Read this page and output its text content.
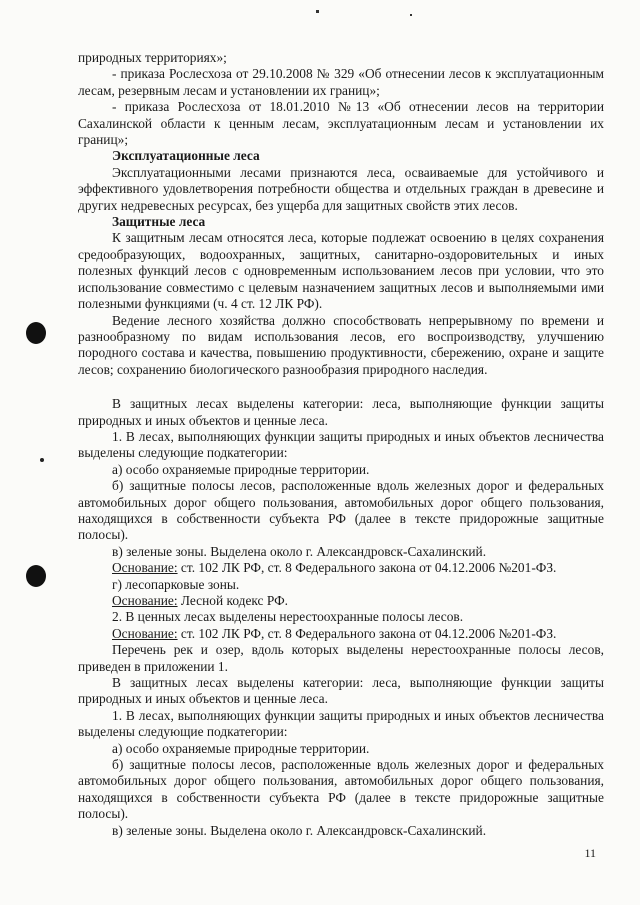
природных территориях»;

- приказа Рослесхоза от 29.10.2008 № 329 «Об отнесении лесов к эксплуатационным лесам, резервным лесам и установлении их границ»;

- приказа Рослесхоза от 18.01.2010 №13 «Об отнесении лесов на территории Сахалинской области к ценным лесам, эксплуатационным лесам и установлении их границ»;

Эксплуатационные леса

Эксплуатационными лесами признаются леса, осваиваемые для устойчивого и эффективного удовлетворения потребности общества и отдельных граждан в древесине и других недревесных ресурсах, без ущерба для защитных свойств этих лесов.

Защитные леса

К защитным лесам относятся леса, которые подлежат освоению в целях сохранения средообразующих, водоохранных, защитных, санитарно-оздоровительных и иных полезных функций лесов с одновременным использованием лесов при условии, что это использование совместимо с целевым назначением защитных лесов и выполняемыми ими полезными функциями (ч. 4 ст. 12 ЛК РФ).

Ведение лесного хозяйства должно способствовать непрерывному по времени и разнообразному по видам использования лесов, его воспроизводству, улучшению породного состава и качества, повышению продуктивности, сбережению, охране и защите лесов; сохранению биологического разнообразия природного наследия.

В защитных лесах выделены категории: леса, выполняющие функции защиты природных и иных объектов и ценные леса.

1. В лесах, выполняющих функции защиты природных и иных объектов лесничества выделены следующие подкатегории:

а) особо охраняемые природные территории.

б) защитные полосы лесов, расположенные вдоль железных дорог и федеральных автомобильных дорог общего пользования, автомобильных дорог общего пользования, находящихся в собственности субъекта РФ (далее в тексте придорожные защитные полосы).

в) зеленые зоны. Выделена около г. Александровск-Сахалинский.

Основание: ст. 102 ЛК РФ, ст. 8 Федерального закона от 04.12.2006 №201-ФЗ.

г) лесопарковые зоны.

Основание: Лесной кодекс РФ.

2. В ценных лесах выделены нерестоохранные полосы лесов.

Основание: ст. 102 ЛК РФ, ст. 8 Федерального закона от 04.12.2006 №201-ФЗ.

Перечень рек и озер, вдоль которых выделены нерестоохранные полосы лесов, приведен в приложении 1.

В защитных лесах выделены категории: леса, выполняющие функции защиты природных и иных объектов и ценные леса.

1. В лесах, выполняющих функции защиты природных и иных объектов лесничества выделены следующие подкатегории:

а) особо охраняемые природные территории.

б) защитные полосы лесов, расположенные вдоль железных дорог и федеральных автомобильных дорог общего пользования, автомобильных дорог общего пользования, находящихся в собственности субъекта РФ (далее в тексте придорожные защитные полосы).

в) зеленые зоны. Выделена около г. Александровск-Сахалинский.

11
